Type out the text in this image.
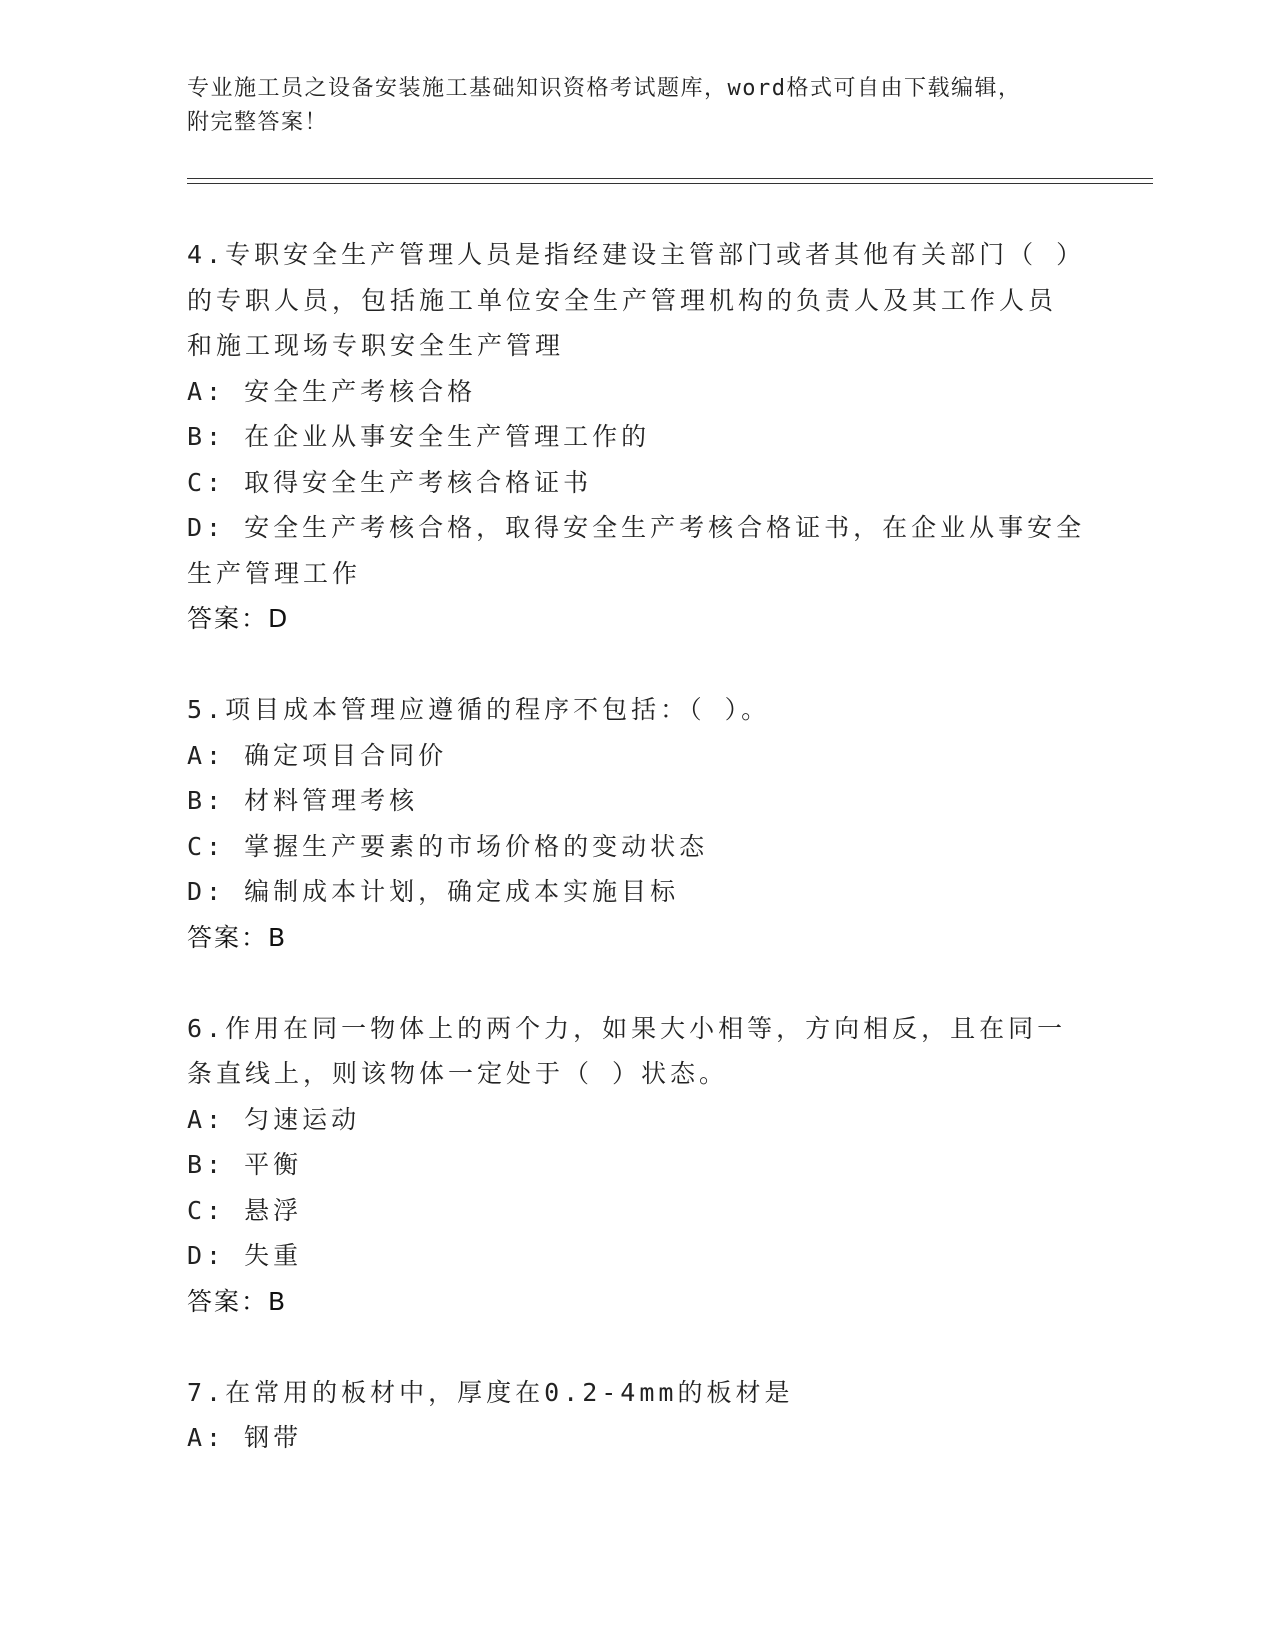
专业施工员之设备安装施工基础知识资格考试题库，word格式可自由下载编辑，
附完整答案！
4.专职安全生产管理人员是指经建设主管部门或者其他有关部门（ ）
的专职人员，包括施工单位安全生产管理机构的负责人及其工作人员
和施工现场专职安全生产管理
A: 安全生产考核合格
B: 在企业从事安全生产管理工作的
C: 取得安全生产考核合格证书
D: 安全生产考核合格，取得安全生产考核合格证书，在企业从事安全
生产管理工作
答案：D
5.项目成本管理应遵循的程序不包括：（ ）。
A: 确定项目合同价
B: 材料管理考核
C: 掌握生产要素的市场价格的变动状态
D: 编制成本计划，确定成本实施目标
答案：B
6.作用在同一物体上的两个力，如果大小相等，方向相反，且在同一
条直线上，则该物体一定处于（ ）状态。
A: 匀速运动
B: 平衡
C: 悬浮
D: 失重
答案：B
7.在常用的板材中，厚度在0.2-4mm的板材是
A: 钢带
